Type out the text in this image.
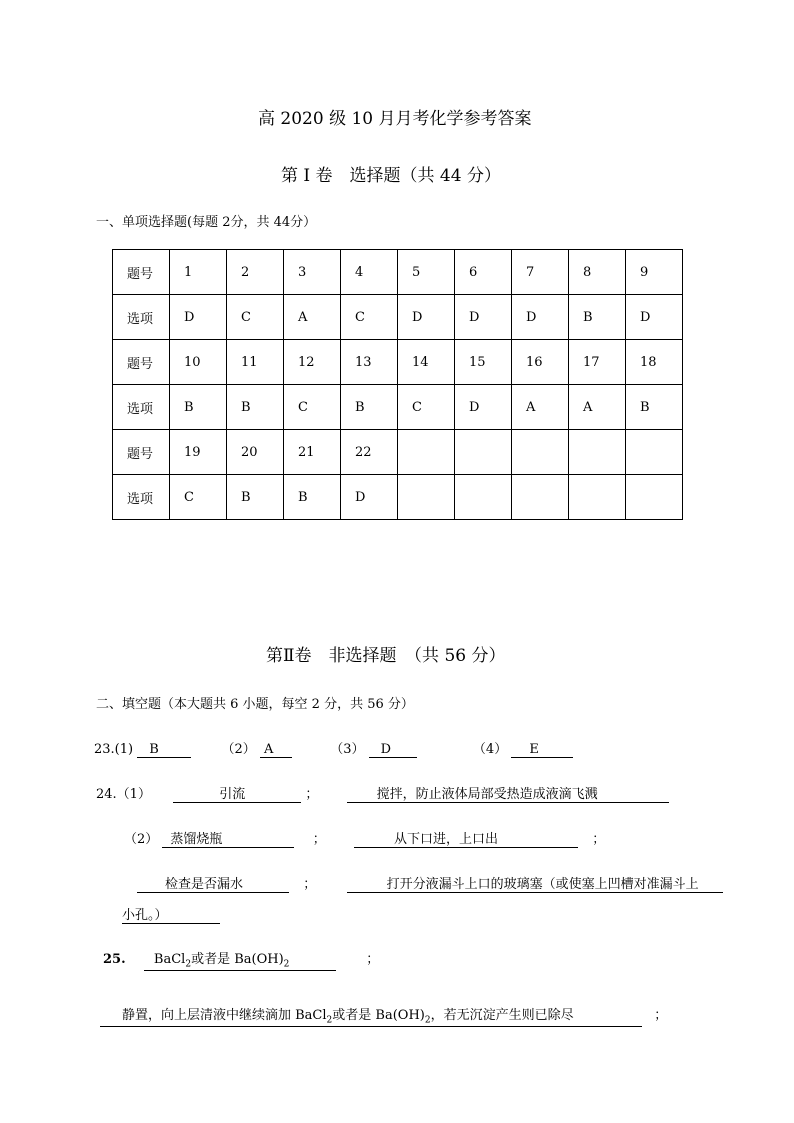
高 2020 级 10 月月考化学参考答案
第 I 卷　选择题（共 44 分）
一、单项选择题(每题 2分，共 44分）
题号	1	2	3	4	5	6	7	8	9
选项	D	C	A	C	D	D	D	B	D
题号	10	11	12	13	14	15	16	17	18
选项	B	B	C	B	C	D	A	A	B
题号	19	20	21	22					
选项	C	B	B	D					
第Ⅱ卷　非选择题　（共 56 分）
二、填空题（本大题共 6 小题，每空 2 分，共 56 分）
23.(1) B	（2） A	（3） D	（4） E
24.（1）	引流	；	搅拌，防止液体局部受热造成液滴飞溅
（2） 蒸馏烧瓶	；	从下口进，上口出	；
检查是否漏水	；	打开分液漏斗上口的玻璃塞（或使塞上凹槽对准漏斗上
小孔。）
25. BaCl$_2$或者是 $Ba(OH)_2$	；
静置，向上层清液中继续滴加 BaCl$_2$或者是 $Ba(OH)_2$，若无沉淀产生则已除尽	；
